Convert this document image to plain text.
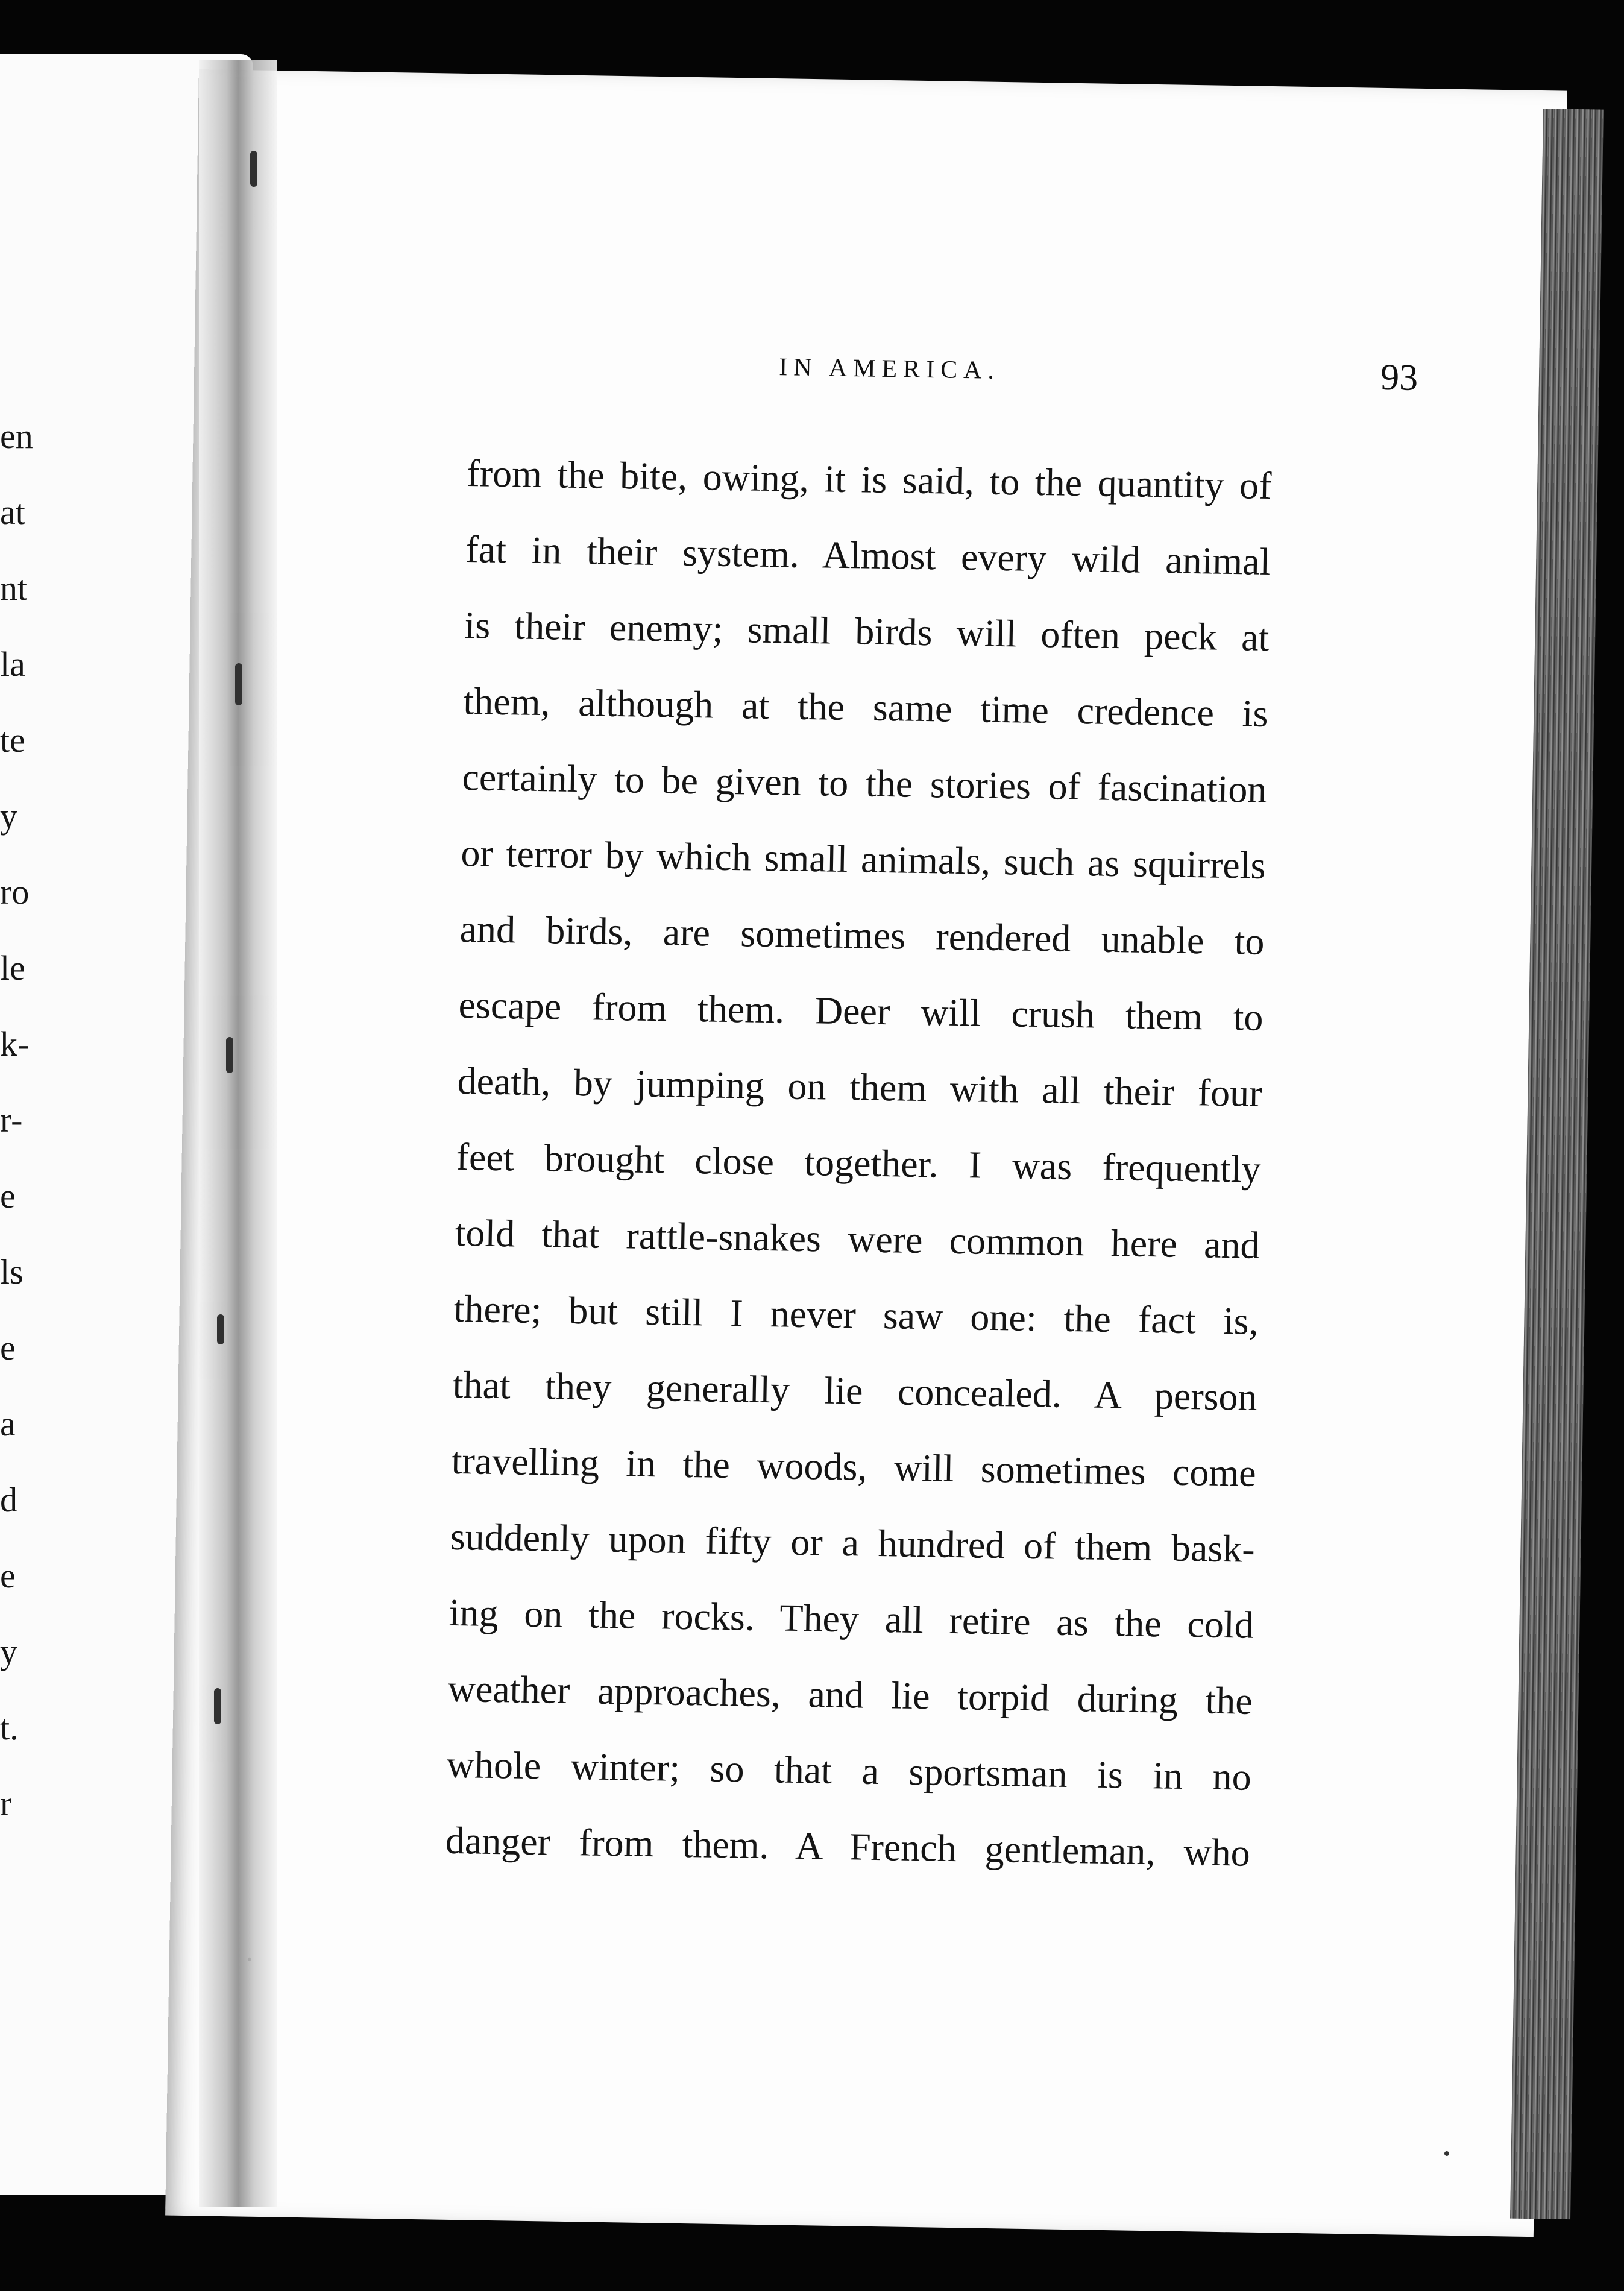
en
at
nt
la
te
y
ro
le
k-
r-
e
ls
e
a
d
e
y
t.
r
IN AMERICA.	93
from the bite, owing, it is said, to the quantity of
fat in their system. Almost every wild animal
is their enemy; small birds will often peck at
them, although at the same time credence is
certainly to be given to the stories of fascination
or terror by which small animals, such as squirrels
and birds, are sometimes rendered unable to
escape from them. Deer will crush them to
death, by jumping on them with all their four
feet brought close together. I was frequently
told that rattle-snakes were common here and
there; but still I never saw one: the fact is,
that they generally lie concealed. A person
travelling in the woods, will sometimes come
suddenly upon fifty or a hundred of them bask-
ing on the rocks. They all retire as the cold
weather approaches, and lie torpid during the
whole winter; so that a sportsman is in no
danger from them. A French gentleman, who
